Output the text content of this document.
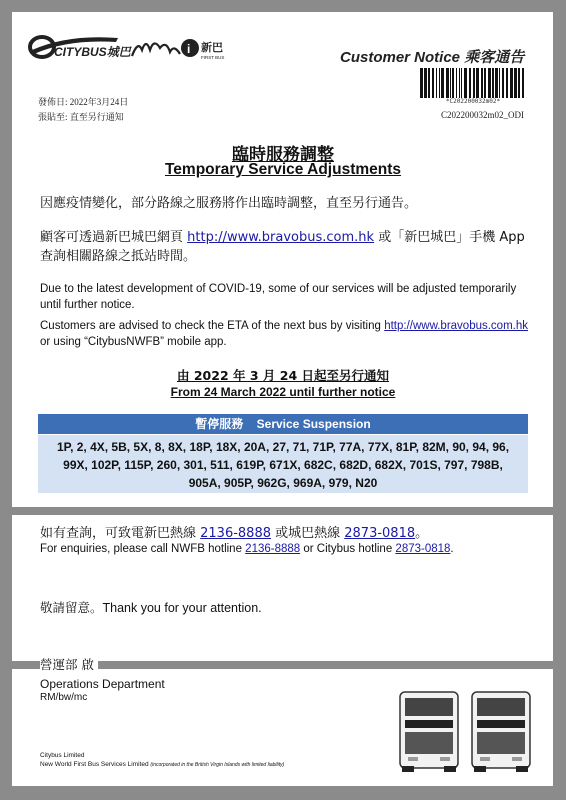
CITYBUS城巴	i 新巴
FIRST BUS	Customer Notice 乘客通告
*C202200032m02*
發佈日: 2022年3月24日
張貼至: 直至另行通知	C202200032m02_ODI
臨時服務調整
Temporary Service Adjustments
因應疫情變化，部分路線之服務將作出臨時調整，直至另行通告。
顧客可透過新巴城巴網頁 http://www.bravobus.com.hk 或「新巴城巴」手機 App 查詢相關路線之抵站時間。
Due to the latest development of COVID-19, some of our services will be adjusted temporarily until further notice.
Customers are advised to check the ETA of the next bus by visiting http://www.bravobus.com.hk or using “CitybusNWFB” mobile app.
由 2022 年 3 月 24 日起至另行通知
From 24 March 2022 until further notice
暫停服務 Service Suspension
1P, 2, 4X, 5B, 5X, 8, 8X, 18P, 18X, 20A, 27, 71, 71P, 77A, 77X, 81P, 82M, 90, 94, 96, 99X, 102P, 115P, 260, 301, 511, 619P, 671X, 682C, 682D, 682X, 701S, 797, 798B, 905A, 905P, 962G, 969A, 979, N20
如有查詢，可致電新巴熱線 2136-8888 或城巴熱線 2873-0818。
For enquiries, please call NWFB hotline 2136-8888 or Citybus hotline 2873-0818.
敬請留意。Thank you for your attention.
營運部 啟
Operations Department
RM/bw/mc
Citybus Limited
New World First Bus Services Limited (incorporated in the British Virgin Islands with limited liability)
